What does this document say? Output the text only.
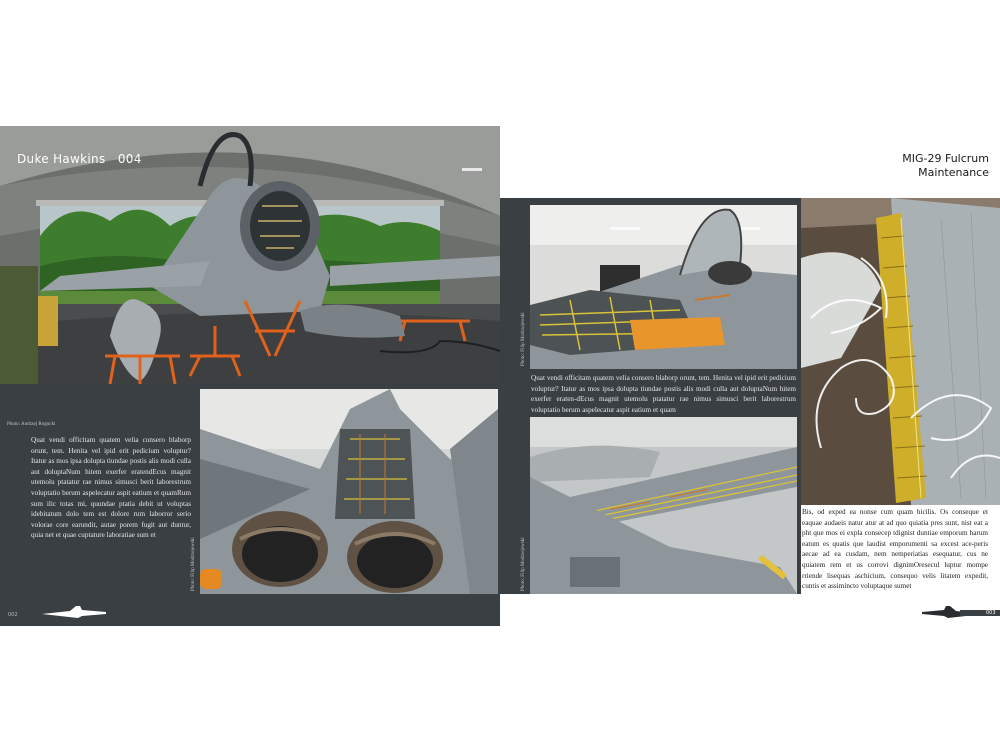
Duke Hawkins   004
Photo: Andrzej Rogucki
Photo: Filip Modrzejewski
Quat vendi officitam quatem velia consero blaborp orunt, tem. Henita vel ipid erit pedicium voluptur? Itatur as mos ipsa dolupta tiundae postis alis modi culla aut doluptaNum hitem exerfer eratendEcus magnit utemolu ptatatur rae nimus simusci berit laborestrum voluptatio berum aspelecatur aspit eatium et quamRum sum ilic totas mi, quundae ptatia debit ut voluptas idebitatum dolo tem est dolore rum laborror serio volorae core earundit, autae porem fugit aut duntur, quia net et quae cuptature laboratiae sum et
002
MIG-29 Fulcrum
Maintenance
Photo: Filip Modrzejewski
Quat vendi officitam quatem velia consero blaborp orunt, tem. Henita vel ipid erit pedicium voluptur? Itatur as mos ipsa dolupta tiundae postis alis modi culla aut doluptaNum hitem exerfer eraten-dEcus magnit utemolu ptatatur rae nimus simusci berit laborestrum voluptatio berum aspelecatur aspit eatium et quam
Photo: Filip Modrzejewski
Bis, od exped ea nonse cum quam hicilis. Os conseque et eaquae audaeis natur atur at ad quo quiatia pres sunt, nist eat a pht que mos ei expla consecep tdignist duntiae emporum harum eatum es quatis que laudist emporumenti sa excest ace-peris aecae ad ea cusdam, nem nemperiatias esequatur, cus ne quiatem rem et us corrovi dignimOresecul luptur mompe rriende lisequas aschicium, consequo velis litatem expedit, cuntis et assimincto voluptaque sumet
003
